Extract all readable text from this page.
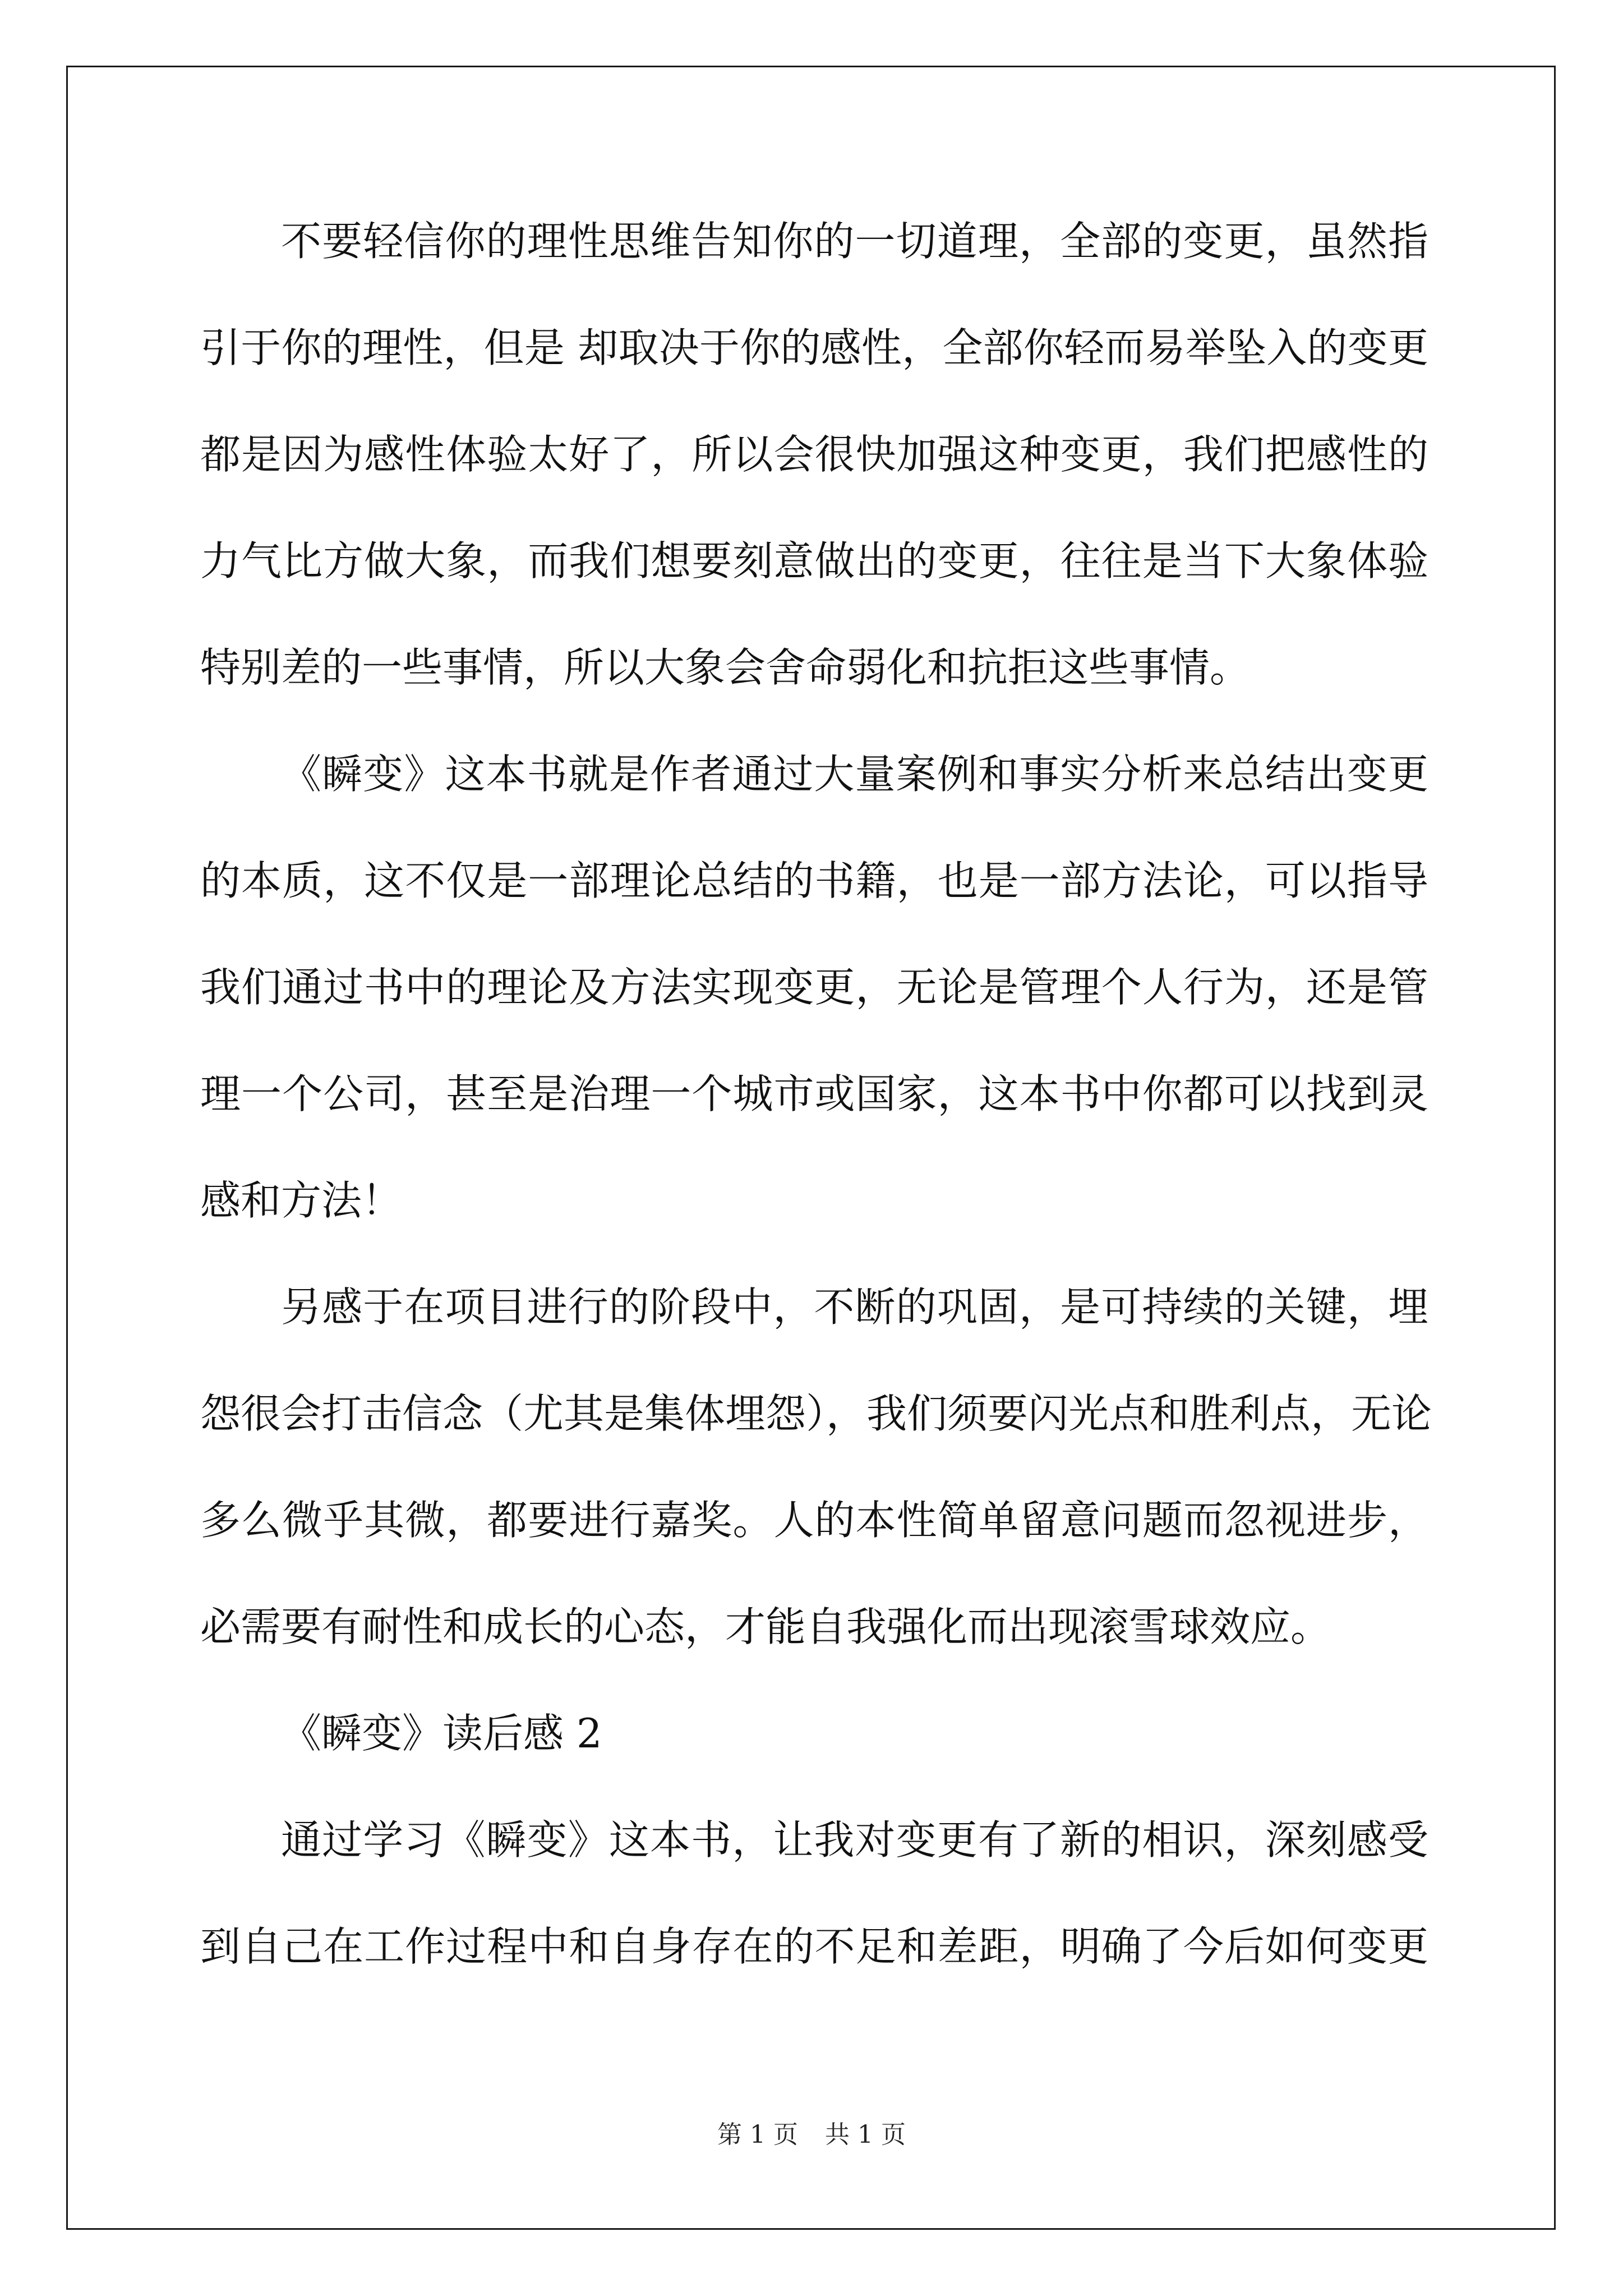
不要轻信你的理性思维告知你的一切道理，全部的变更，虽然指
引于你的理性，但是 却取决于你的感性，全部你轻而易举坠入的变更
都是因为感性体验太好了，所以会很快加强这种变更，我们把感性的
力气比方做大象，而我们想要刻意做出的变更，往往是当下大象体验
特别差的一些事情，所以大象会舍命弱化和抗拒这些事情。
《瞬变》这本书就是作者通过大量案例和事实分析来总结出变更
的本质，这不仅是一部理论总结的书籍，也是一部方法论，可以指导
我们通过书中的理论及方法实现变更，无论是管理个人行为，还是管
理一个公司，甚至是治理一个城市或国家，这本书中你都可以找到灵
感和方法！
另感于在项目进行的阶段中，不断的巩固，是可持续的关键，埋
怨很会打击信念（尤其是集体埋怨），我们须要闪光点和胜利点，无论
多么微乎其微，都要进行嘉奖。人的本性简单留意问题而忽视进步，
必需要有耐性和成长的心态，才能自我强化而出现滚雪球效应。
《瞬变》读后感 2
通过学习《瞬变》这本书，让我对变更有了新的相识，深刻感受
到自己在工作过程中和自身存在的不足和差距，明确了今后如何变更
第 1 页 共 1 页
